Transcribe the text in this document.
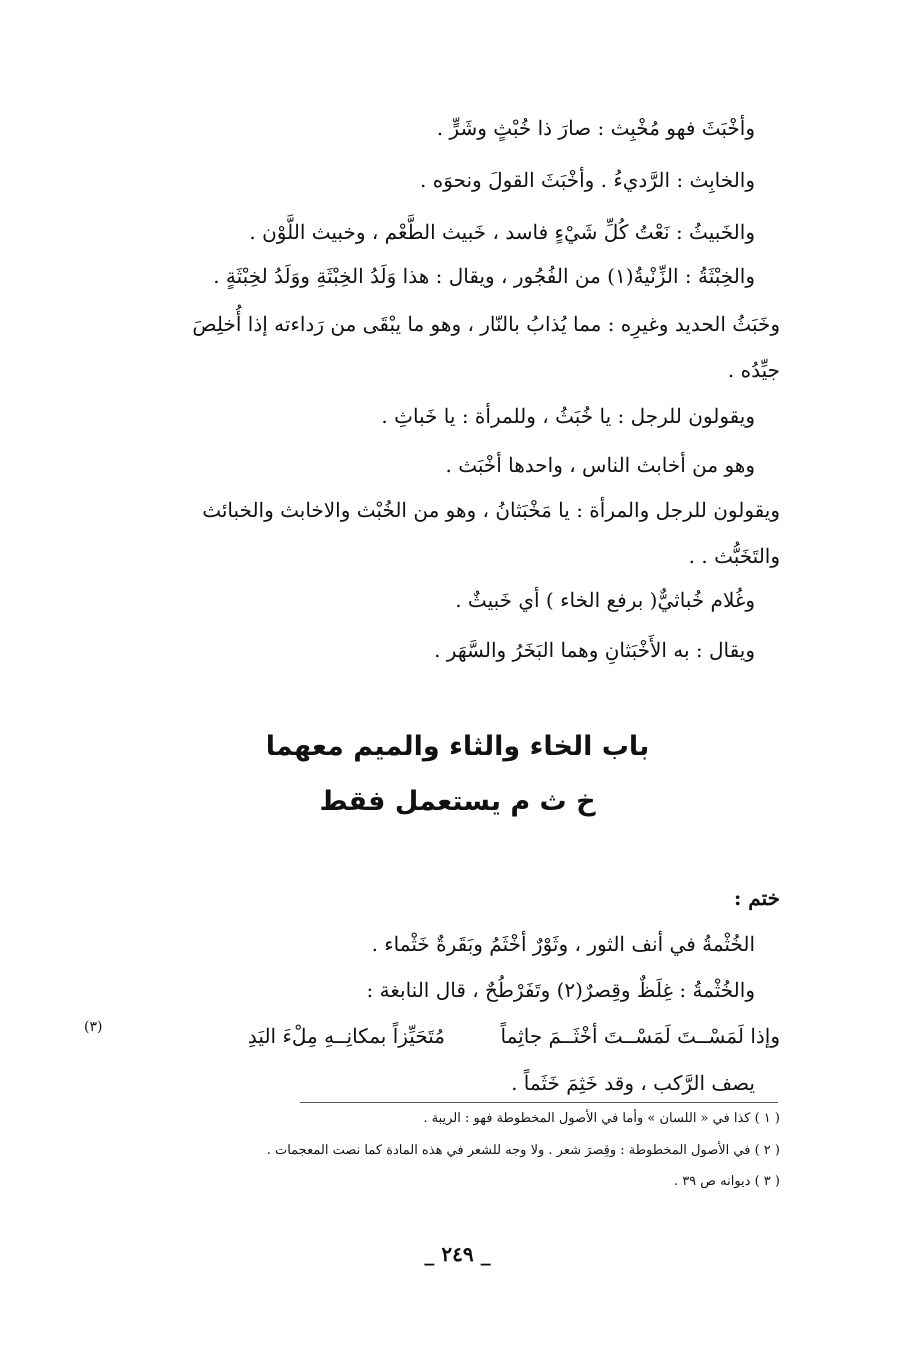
وأخْبَثَ فهو مُخْبِث : صارَ ذا خُبْثٍ وشَرٍّ .
والخابِث : الرَّديءُ . وأخْبَثَ القولَ ونحوَه .
والخَبيثُ : نَعْتُ كُلِّ شَيْءٍ فاسد ، خَبيث الطَّعْم ، وخبيث اللَّوْن .
والخِبْثَةُ : الزِّنْيةُ(١) من الفُجُور ، ويقال : هذا وَلَدُ الخِبْثَةِ ووَلَدُ لخِبْثَةٍ .
وخَبَثُ الحديد وغيرِه : مما يُذابُ بالنّار ، وهو ما يبْقَى من رَداءته إذا أُخلِصَ
جيِّدُه .
ويقولون للرجل : يا خُبَثُ ، وللمرأة : يا خَباثِ .
وهو من أخابث الناس ، واحدها أخْبَث .
ويقولون للرجل والمرأة : يا مَخْبَثانُ ، وهو من الخُبْث والاخابث والخبائث
والتَخَبُّث . .
وغُلام خُباثيٌّ( برفع الخاء ) أي خَبيثٌ .
ويقال : به الأَخْبَثانِ وهما البَخَرُ والسَّهَر .
باب الخاء والثاء والميم معهما
خ ث م يستعمل فقط
ختم :
الخُثْمةُ في أنف الثور ، وثَوْرٌ أخْثَمُ وبَقَرةٌ خَثْماء .
والخُثْمةُ : غِلَظٌ وقِصرٌ(٢) وتَفَرْطُحٌ ، قال النابغة :
وإذا لَمَسْــتَ لَمَسْــتَ أخْثَــمَ جاثِماً
مُتَحَيِّزاً بمكانِــهِ مِلْءَ اليَدِ
(٣)
يصف الرَّكب ، وقد خَثِمَ خَثَماً .
( ١ ) كذا في « اللسان » وأما في الأصول المخطوطة فهو : الريبة .
( ٢ ) في الأصول المخطوطة : وقِصرَ شعر . ولا وجه للشعر في هذه المادة كما نصت المعجمات .
( ٣ ) ديوانه ص ٣٩ .
_ ٢٤٩ _
